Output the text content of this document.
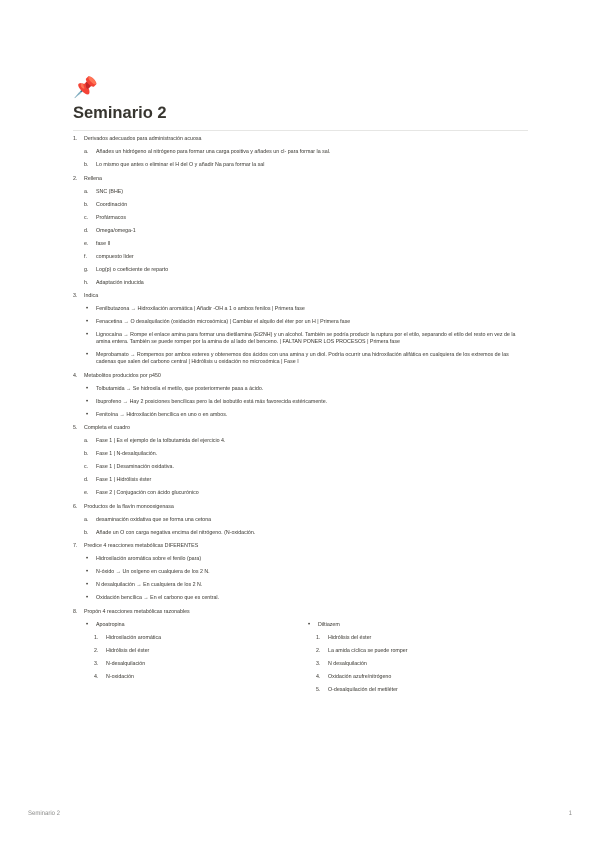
📌
Seminario 2
1. Derivados adecuados para administración acuosa
a. Añades un hidrógeno al nitrógeno para formar una carga positiva y añades un cl- para formar la sal.
b. Lo mismo que antes o eliminar el H del O y añadir Na para formar la sal
2. Rellena
a. SNC (BHE)
b. Coordinación
c. Profármacos
d. Omega/omega-1
e. fase II
f. compuesto líder
g. Log(p) o coeficiente de reparto
h. Adaptación inducida
3. Indica
• Fenilbutazona → Hidroxilación aromática | Añadir -OH a 1 o ambos fenilos | Primera fase
• Fenacetina → O desalquilación (oxidación microsómica) | Cambiar el alquilo del éter por un H | Primera fase
• Lignocaína → Rompe el enlace amina para formar una dietilamina (Et2NH) y un alcohol. También se podría producir la ruptura por el etilo, separando el etilo del resto en vez de la amina entera. También se puede romper por la amina de al lado del benceno. | FALTAN PONER LOS PROCESOS | Primera fase
• Meprobamato → Rompemos por ambos esteres y obtenemos dos ácidos con una amina y un diol. Podría ocurrir una hidroxilación alifática en cualquiera de los extremos de las cadenas que salen del carbono central | Hidrólisis u oxidación no microsómica | Fase I
4. Metabolitos producidos por p450
• Tolbutamida → Se hidroxila el metilo, que posteriormente pasa a ácido.
• Ibuprofeno → Hay 2 posiciones bencílicas pero la del isobutilo está más favorecida estéricamente.
• Fenitoína → Hidroxilación bencílica en uno o en ambos.
5. Completa el cuadro
a. Fase 1 | Es el ejemplo de la tolbutamida del ejercicio 4.
b. Fase 1 | N-desalquilación.
c. Fase 1 | Desaminación oxidativa.
d. Fase 1 | Hidrólisis éster
e. Fase 2 | Conjugación con ácido glucurónico
6. Productos de la flavín monooxigenasa
a. desaminación oxidativa que se forma una cetona
b. Añade un O con carga negativa encima del nitrógeno. (N-oxidación.
7. Predice 4 reacciones metabólicas DIFERENTES
• Hidroxilación aromática sobre el fenilo (para)
• N-óxido → Un oxígeno en cualquiera de los 2 N.
• N desalquilación → En cualquiera de los 2 N.
• Oxidación bencílica → En el carbono que es central.
8. Propón 4 reacciones metabólicas razonables
• Apoatropina
1. Hidroxilación aromática
2. Hidrólisis del éster
3. N-desalquilación
4. N-oxidación
• Diltiazem
1. Hidrólisis del éster
2. La amida cíclica se puede romper
3. N desalquilación
4. Oxidación azufre/nitrógeno
5. O-desalquilación del metiléter
Seminario 2	1
